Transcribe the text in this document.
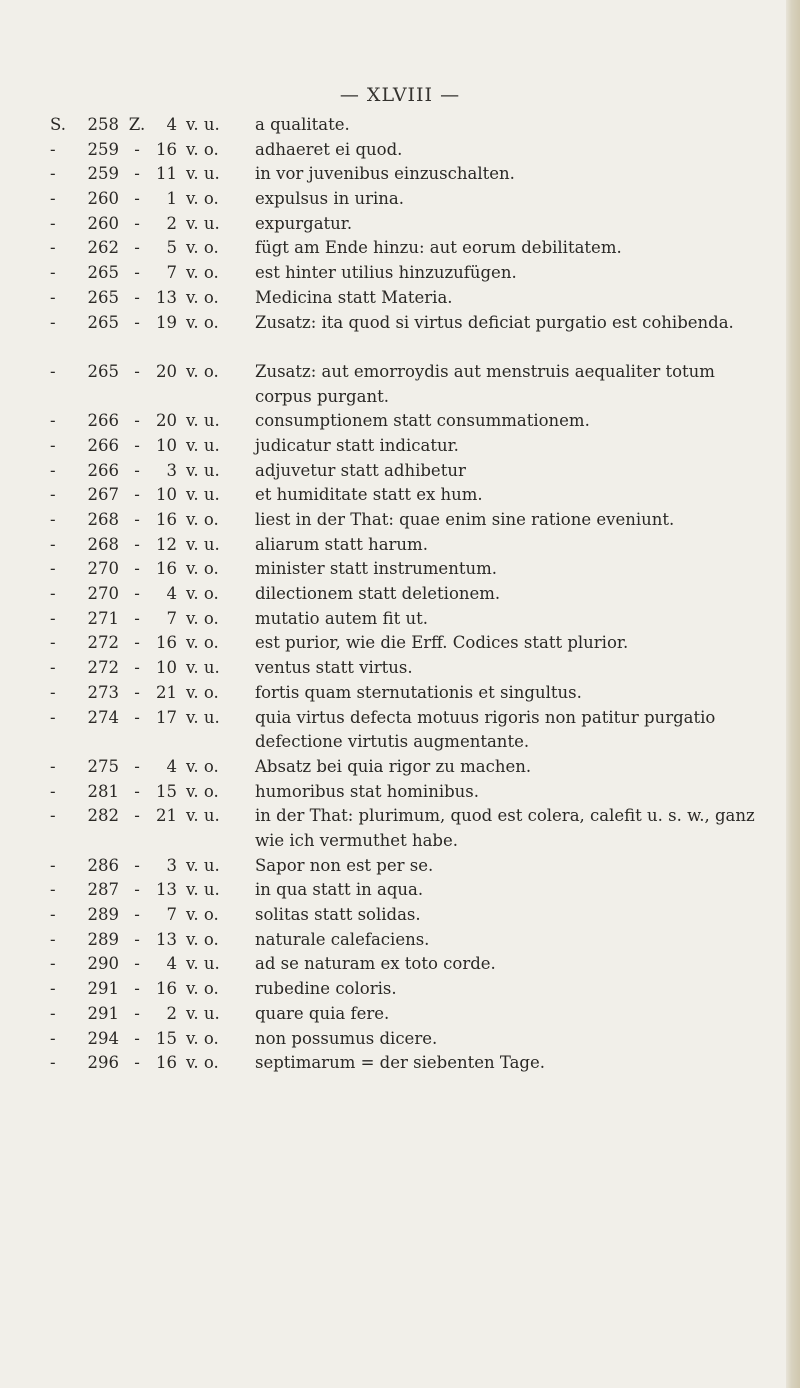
— XLVIII —
S.	258 Z.	4 v. u. a qualitate.
-	259 - 16 v. o. adhaeret ei quod.
-	259 - 11 v. u. in vor juvenibus einzuschalten.
-	260 -	1 v. o. expulsus in urina.
-	260 -	2 v. u. expurgatur.
-	262 -	5 v. o. fügt am Ende hinzu: aut eorum debilitatem.
-	265 -	7 v. o. est hinter utilius hinzuzufügen.
-	265 - 13 v. o. Medicina statt Materia.
-	265 - 19 v. o. Zusatz: ita quod si virtus deficiat purgatio est cohibenda.
-	265 - 20 v. o. Zusatz: aut emorroydis aut menstruis aequaliter totum corpus purgant.
-	266 - 20 v. u. consumptionem statt consummationem.
-	266 - 10 v. u. judicatur statt indicatur.
-	266 -	3 v. u. adjuvetur statt adhibetur
-	267 - 10 v. u. et humiditate statt ex hum.
-	268 - 16 v. o. liest in der That: quae enim sine ratione eveniunt.
-	268 - 12 v. u. aliarum statt harum.
-	270 - 16 v. o. minister statt instrumentum.
-	270 -	4 v. o. dilectionem statt deletionem.
-	271 -	7 v. o. mutatio autem fit ut.
-	272 - 16 v. o. est purior, wie die Erff. Codices statt plurior.
-	272 - 10 v. u. ventus statt virtus.
-	273 - 21 v. o. fortis quam sternutationis et singultus.
-	274 - 17 v. u. quia virtus defecta motuus rigoris non patitur purgatio defectione virtutis augmentante.
-	275 -	4 v. o. Absatz bei quia rigor zu machen.
-	281 - 15 v. o. humoribus stat hominibus.
-	282 - 21 v. u. in der That: plurimum, quod est colera, calefit u. s. w., ganz wie ich vermuthet habe.
-	286 -	3 v. u. Sapor non est per se.
-	287 - 13 v. u. in qua statt in aqua.
-	289 -	7 v. o. solitas statt solidas.
-	289 - 13 v. o. naturale calefaciens.
-	290 -	4 v. u. ad se naturam ex toto corde.
-	291 - 16 v. o. rubedine coloris.
-	291 -	2 v. u. quare quia fere.
-	294 - 15 v. o. non possumus dicere.
-	296 - 16 v. o. septimarum = der siebenten Tage.
